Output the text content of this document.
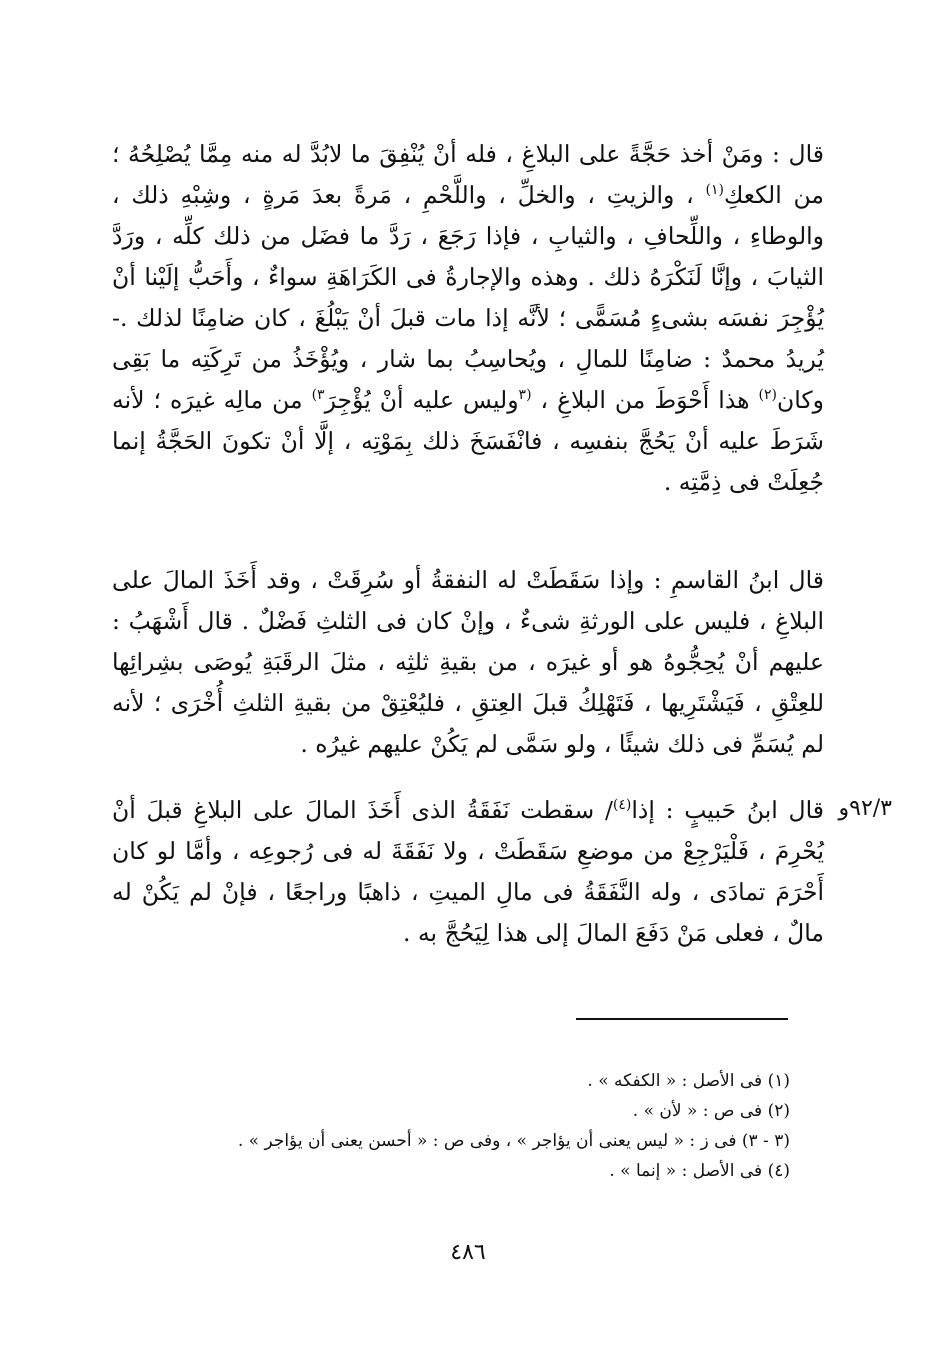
قال : ومَنْ أخذ حَجَّةً على البلاغِ ، فله أنْ يُنْفِقَ ما لابُدَّ له منه مِمَّا يُصْلِحُهُ ؛ من الكعكِ$^{(١)}$ ، والزيتِ ، والخلِّ ، واللَّحْمِ ، مَرةً بعدَ مَرةٍ ، وشِبْهِ ذلك ، والوطاءِ ، واللِّحافِ ، والثيابِ ، فإذا رَجَعَ ، رَدَّ ما فضَل من ذلك كلِّه ، ورَدَّ الثيابَ ، وإنَّا لَنَكْرَهُ ذلك . وهذه والإجارةُ فى الكَرَاهَةِ سواءٌ ، وأَحَبُّ إلَيْنا أنْ يُؤْجِرَ نفسَه بشىءٍ مُسَمًّى ؛ لأنَّه إذا مات قبلَ أنْ يَبْلُغَ ، كان ضامِنًا لذلك .- يُريدُ محمدٌ : ضامِنًا للمالِ ، ويُحاسِبُ بما شار ، ويُؤْخَذُ من تَرِكَتِه ما بَقِى وكان$^{(٢)}$ هذا أَحْوَطَ من البلاغِ ، $^{(٣}$وليس عليه أنْ يُؤْجِرَ$^{٣)}$ من مالِه غيرَه ؛ لأنه شَرَطَ عليه أنْ يَحُجَّ بنفسِه ، فانْفَسَخَ ذلك بِمَوْتِه ، إلَّا أنْ تكونَ الحَجَّةُ إنما جُعِلَتْ فى ذِمَّتِه .
قال ابنُ القاسمِ : وإذا سَقَطَتْ له النفقةُ أو سُرِقَتْ ، وقد أَخَذَ المالَ على البلاغِ ، فليس على الورثةِ شىءٌ ، وإنْ كان فى الثلثِ فَضْلٌ . قال أَشْهَبُ : عليهم أنْ يُحِجُّوهُ هو أو غيرَه ، من بقيةِ ثلثِه ، مثلَ الرقَبَةِ يُوصَى بشِرائِها للعِتْقِ ، فَيَشْتَرِيها ، فَتَهْلِكُ قبلَ العِتقِ ، فليُعْتِقْ من بقيةِ الثلثِ أُخْرَى ؛ لأنه لم يُسَمِّ فى ذلك شيئًا ، ولو سَمَّى لم يَكُنْ عليهم غيرُه .
٩٢/٣و
قال ابنُ حَبيبٍ : إذا$^{(٤)}$/ سقطت نَفَقَةُ الذى أَخَذَ المالَ على البلاغِ قبلَ أنْ يُحْرِمَ ، فَلْيَرْجِعْ من موضعِ سَقَطَتْ ، ولا نَفَقَةَ له فى رُجوعِه ، وأمَّا لو كان أَحْرَمَ تمادَى ، وله النَّفَقَةُ فى مالِ الميتِ ، ذاهبًا وراجعًا ، فإنْ لم يَكُنْ له مالٌ ، فعلى مَنْ دَفَعَ المالَ إلى هذا لِيَحُجَّ به .
(١) فى الأصل : « الكفكه » .
(٢) فى ص : « لأن » .
(٣ - ٣) فى ز : « ليس يعنى أن يؤاجر » ، وفى ص : « أحسن يعنى أن يؤاجر » .
(٤) فى الأصل : « إنما » .
٤٨٦
